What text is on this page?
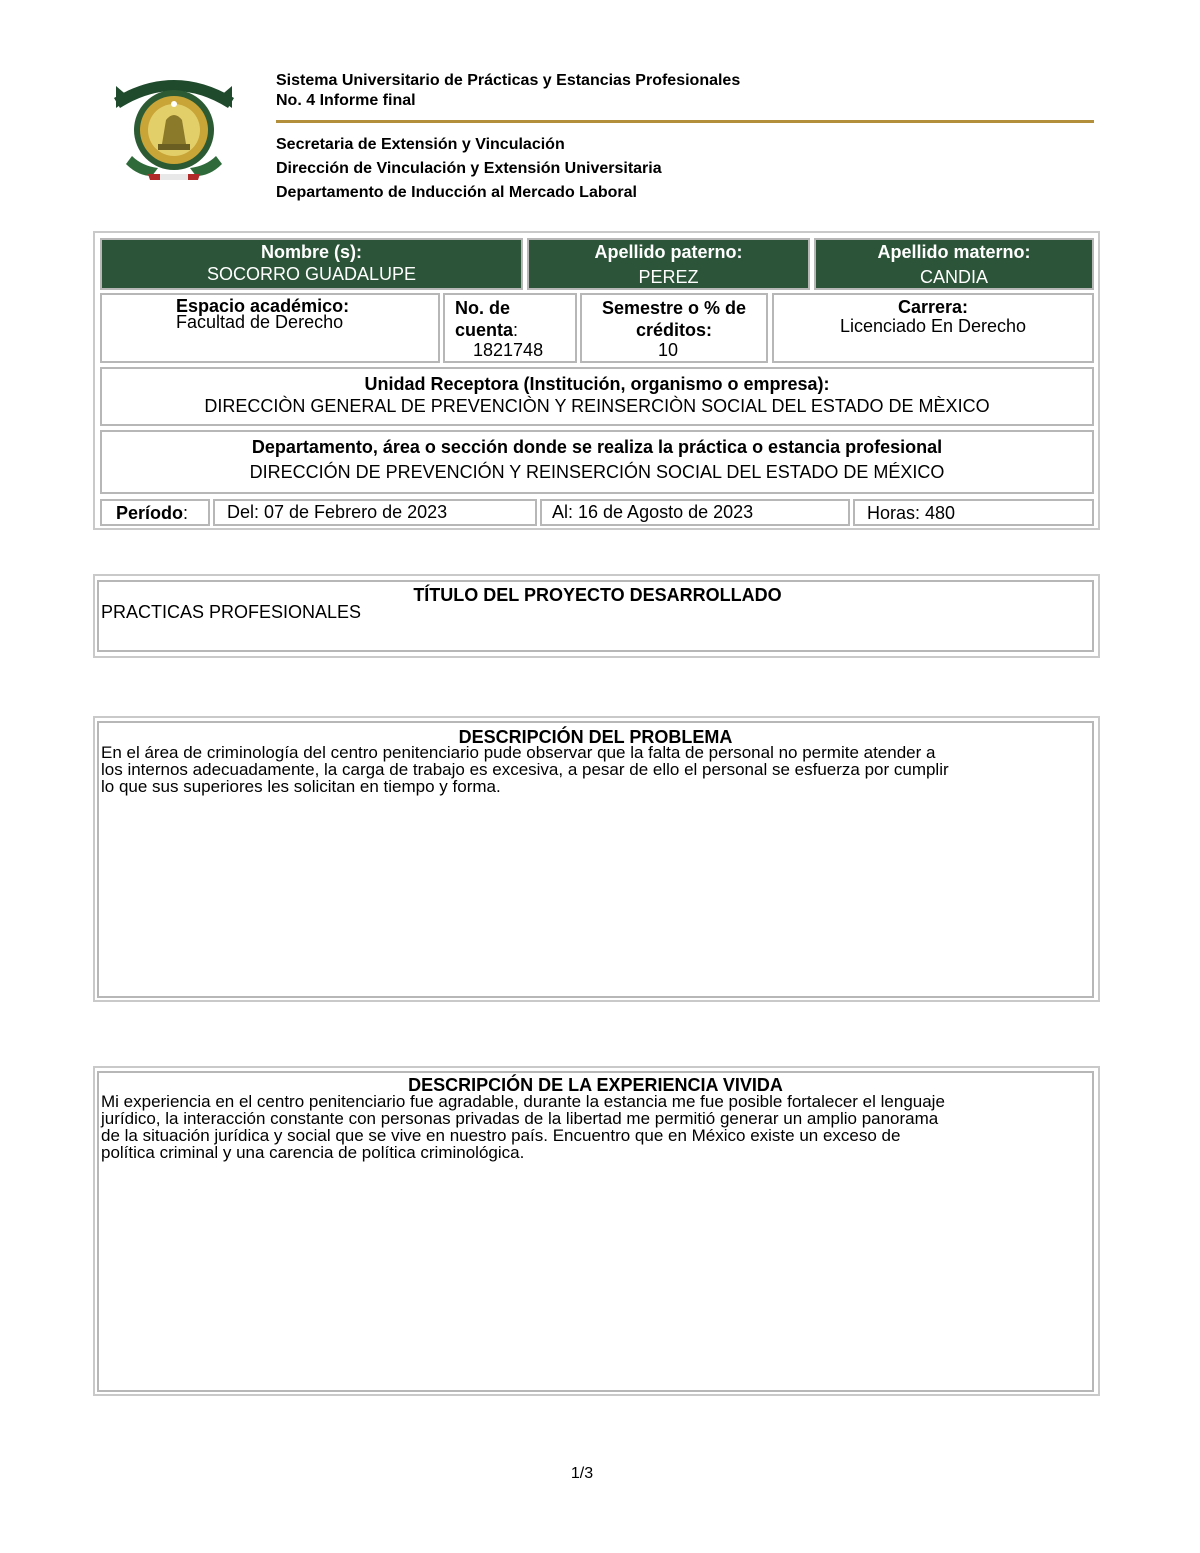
Sistema Universitario de Prácticas y Estancias Profesionales
No. 4 Informe final
Secretaria de Extensión y Vinculación
Dirección de Vinculación y Extensión Universitaria
Departamento de Inducción al Mercado Laboral
Nombre (s):
SOCORRO GUADALUPE
Apellido paterno:
PEREZ
Apellido materno:
CANDIA
Espacio académico:
Facultad de Derecho
No. de
cuenta:
1821748
Semestre o % de
créditos:
10
Carrera:
Licenciado En Derecho
Unidad Receptora (Institución, organismo o empresa):
DIRECCIÒN GENERAL DE PREVENCIÒN Y REINSERCIÒN SOCIAL DEL ESTADO DE MÈXICO
Departamento, área o sección donde se realiza la práctica o estancia profesional
DIRECCIÓN DE PREVENCIÓN Y REINSERCIÓN SOCIAL DEL ESTADO DE MÉXICO
Período:	Del: 07 de Febrero de 2023	Al: 16 de Agosto de 2023	Horas: 480
TÍTULO DEL PROYECTO DESARROLLADO
PRACTICAS PROFESIONALES
DESCRIPCIÓN DEL PROBLEMA
En el área de criminología del centro penitenciario pude observar que la falta de personal no permite atender a
los internos adecuadamente, la carga de trabajo es excesiva, a pesar de ello el personal se esfuerza por cumplir
lo que sus superiores les solicitan en tiempo y forma.
DESCRIPCIÓN DE LA EXPERIENCIA VIVIDA
Mi experiencia en el centro penitenciario fue agradable, durante la estancia me fue posible fortalecer el lenguaje
jurídico, la interacción constante con personas privadas de la libertad me permitió generar un amplio panorama
de la situación jurídica y social que se vive en nuestro país. Encuentro que en México existe un exceso de
política criminal y una carencia de política criminológica.
1/3
